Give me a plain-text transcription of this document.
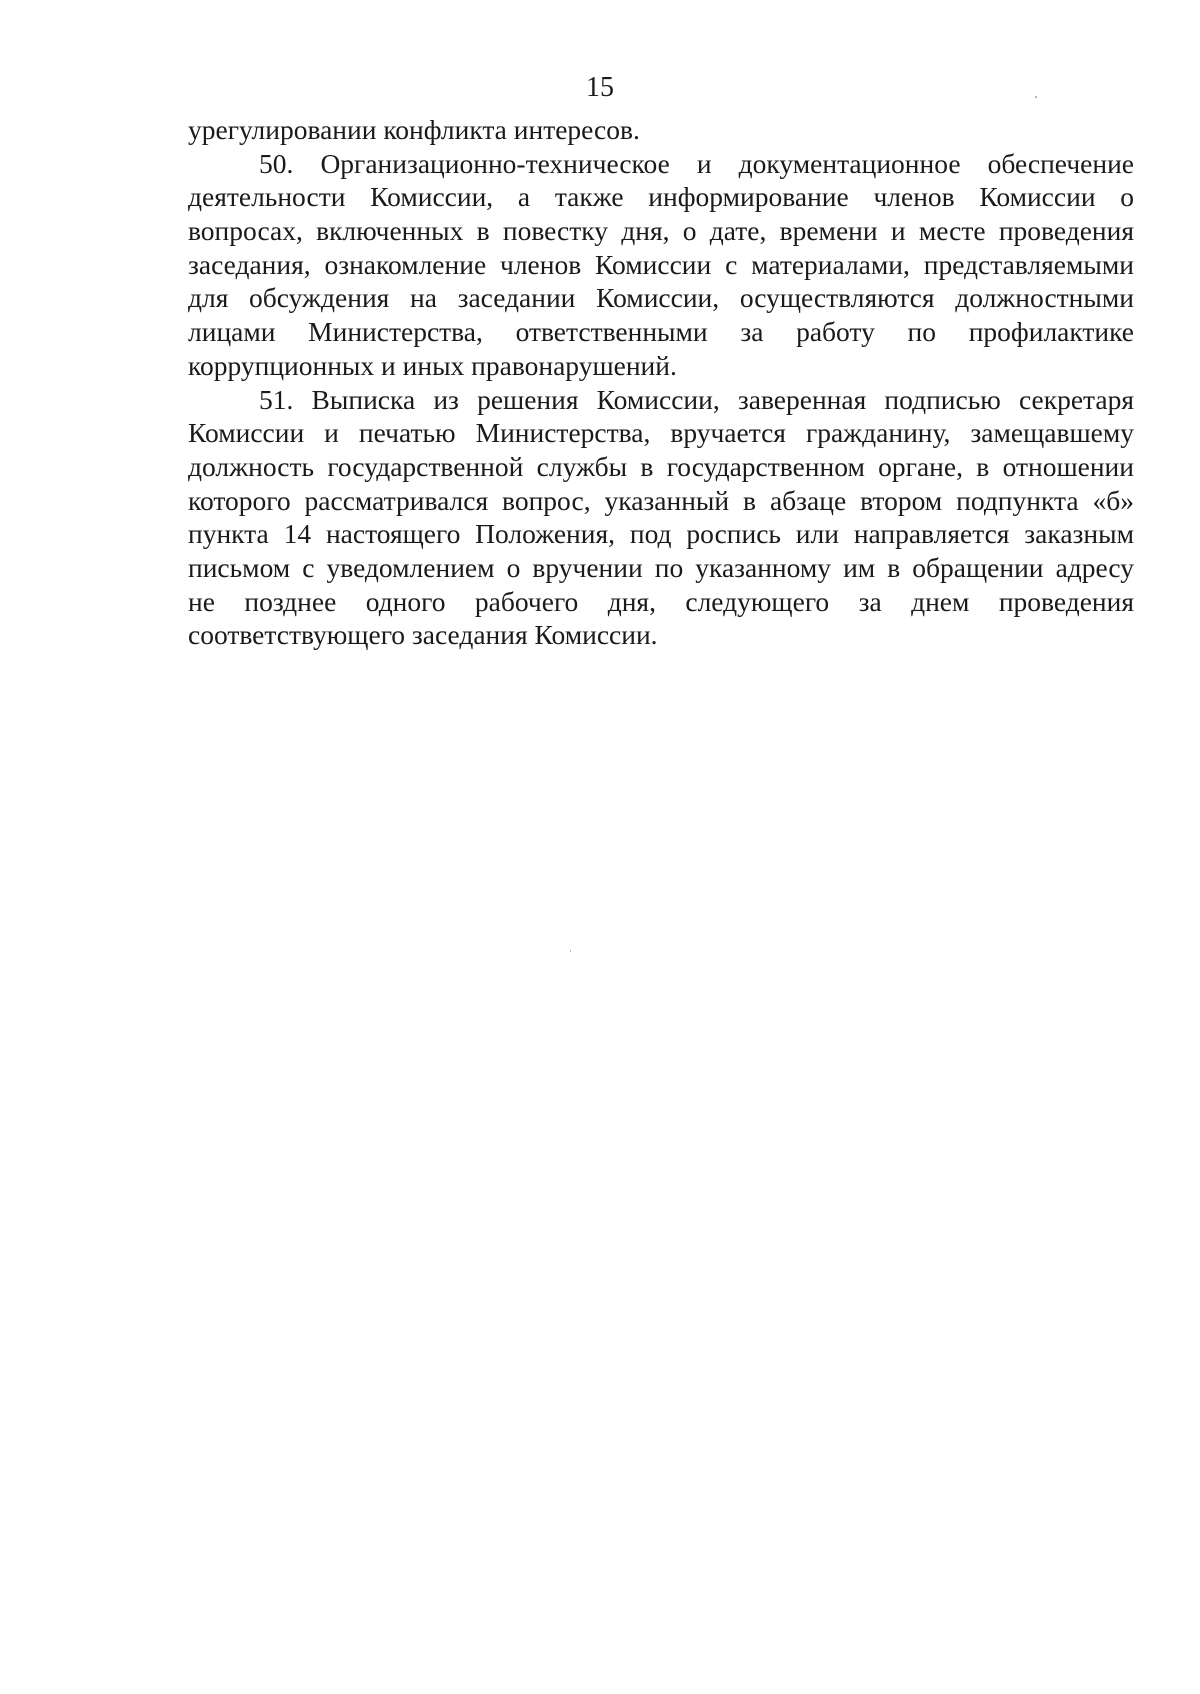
15
урегулировании конфликта интересов.
50. Организационно-техническое и документационное обеспечение
деятельности Комиссии, а также информирование членов Комиссии о
вопросах, включенных в повестку дня, о дате, времени и месте проведения
заседания, ознакомление членов Комиссии с материалами, представляемыми
для обсуждения на заседании Комиссии, осуществляются должностными
лицами Министерства, ответственными за работу по профилактике
коррупционных и иных правонарушений.
51. Выписка из решения Комиссии, заверенная подписью секретаря
Комиссии и печатью Министерства, вручается гражданину, замещавшему
должность государственной службы в государственном органе, в отношении
которого рассматривался вопрос, указанный в абзаце втором подпункта «б»
пункта 14 настоящего Положения, под роспись или направляется заказным
письмом с уведомлением о вручении по указанному им в обращении адресу
не позднее одного рабочего дня, следующего за днем проведения
соответствующего заседания Комиссии.
